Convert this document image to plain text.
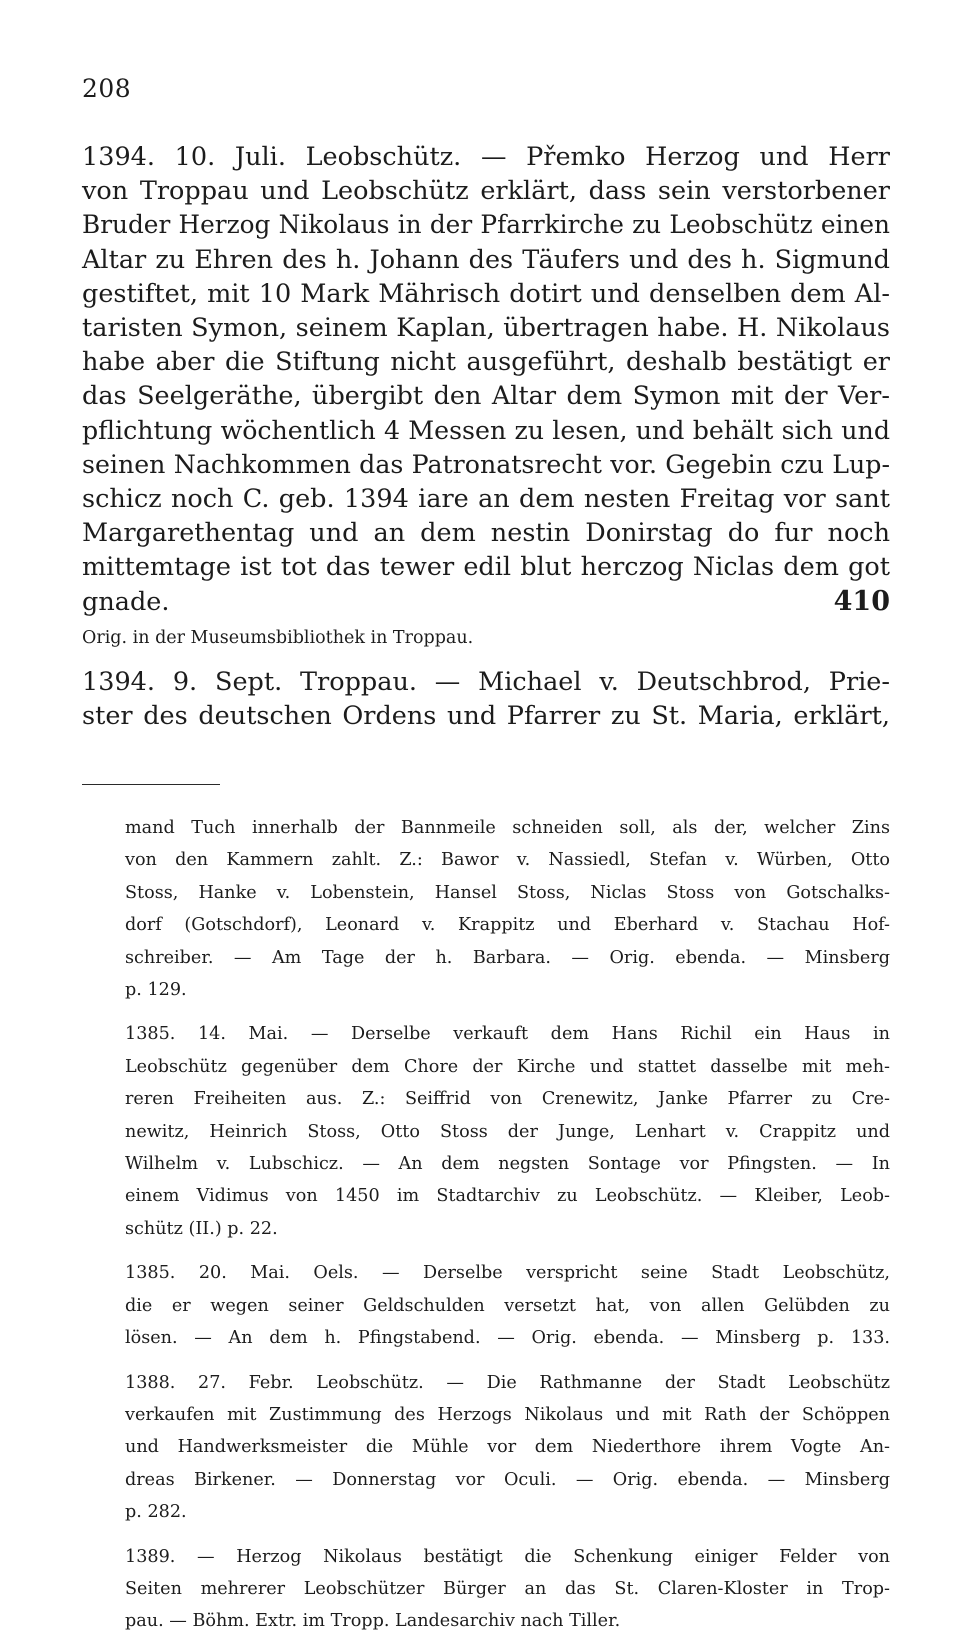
208
1394. 10. Juli. Leobschütz. — Přemko Herzog und Herr
von Troppau und Leobschütz erklärt, dass sein verstorbener
Bruder Herzog Nikolaus in der Pfarrkirche zu Leobschütz einen
Altar zu Ehren des h. Johann des Täufers und des h. Sigmund
gestiftet, mit 10 Mark Mährisch dotirt und denselben dem Al-
taristen Symon, seinem Kaplan, übertragen habe. H. Nikolaus
habe aber die Stiftung nicht ausgeführt, deshalb bestätigt er
das Seelgeräthe, übergibt den Altar dem Symon mit der Ver-
pflichtung wöchentlich 4 Messen zu lesen, und behält sich und
seinen Nachkommen das Patronatsrecht vor. Gegebin czu Lup-
schicz noch C. geb. 1394 iare an dem nesten Freitag vor sant
Margarethentag und an dem nestin Donirstag do fur noch
mittemtage ist tot das tewer edil blut herczog Niclas dem got
gnade.	410
Orig. in der Museumsbibliothek in Troppau.
1394. 9. Sept. Troppau. — Michael v. Deutschbrod, Prie-
ster des deutschen Ordens und Pfarrer zu St. Maria, erklärt,
mand Tuch innerhalb der Bannmeile schneiden soll, als der, welcher Zins
von den Kammern zahlt. Z.: Bawor v. Nassiedl, Stefan v. Würben, Otto
Stoss, Hanke v. Lobenstein, Hansel Stoss, Niclas Stoss von Gotschalks-
dorf (Gotschdorf), Leonard v. Krappitz und Eberhard v. Stachau Hof-
schreiber. — Am Tage der h. Barbara. — Orig. ebenda. — Minsberg
p. 129.
1385. 14. Mai. — Derselbe verkauft dem Hans Richil ein Haus in
Leobschütz gegenüber dem Chore der Kirche und stattet dasselbe mit meh-
reren Freiheiten aus. Z.: Seiffrid von Crenewitz, Janke Pfarrer zu Cre-
newitz, Heinrich Stoss, Otto Stoss der Junge, Lenhart v. Crappitz und
Wilhelm v. Lubschicz. — An dem negsten Sontage vor Pfingsten. — In
einem Vidimus von 1450 im Stadtarchiv zu Leobschütz. — Kleiber, Leob-
schütz (II.) p. 22.
1385. 20. Mai. Oels. — Derselbe verspricht seine Stadt Leobschütz,
die er wegen seiner Geldschulden versetzt hat, von allen Gelübden zu
lösen. — An dem h. Pfingstabend. — Orig. ebenda. — Minsberg p. 133.
1388. 27. Febr. Leobschütz. — Die Rathmanne der Stadt Leobschütz
verkaufen mit Zustimmung des Herzogs Nikolaus und mit Rath der Schöppen
und Handwerksmeister die Mühle vor dem Niederthore ihrem Vogte An-
dreas Birkener. — Donnerstag vor Oculi. — Orig. ebenda. — Minsberg
p. 282.
1389. — Herzog Nikolaus bestätigt die Schenkung einiger Felder von
Seiten mehrerer Leobschützer Bürger an das St. Claren-Kloster in Trop-
pau. — Böhm. Extr. im Tropp. Landesarchiv nach Tiller.
